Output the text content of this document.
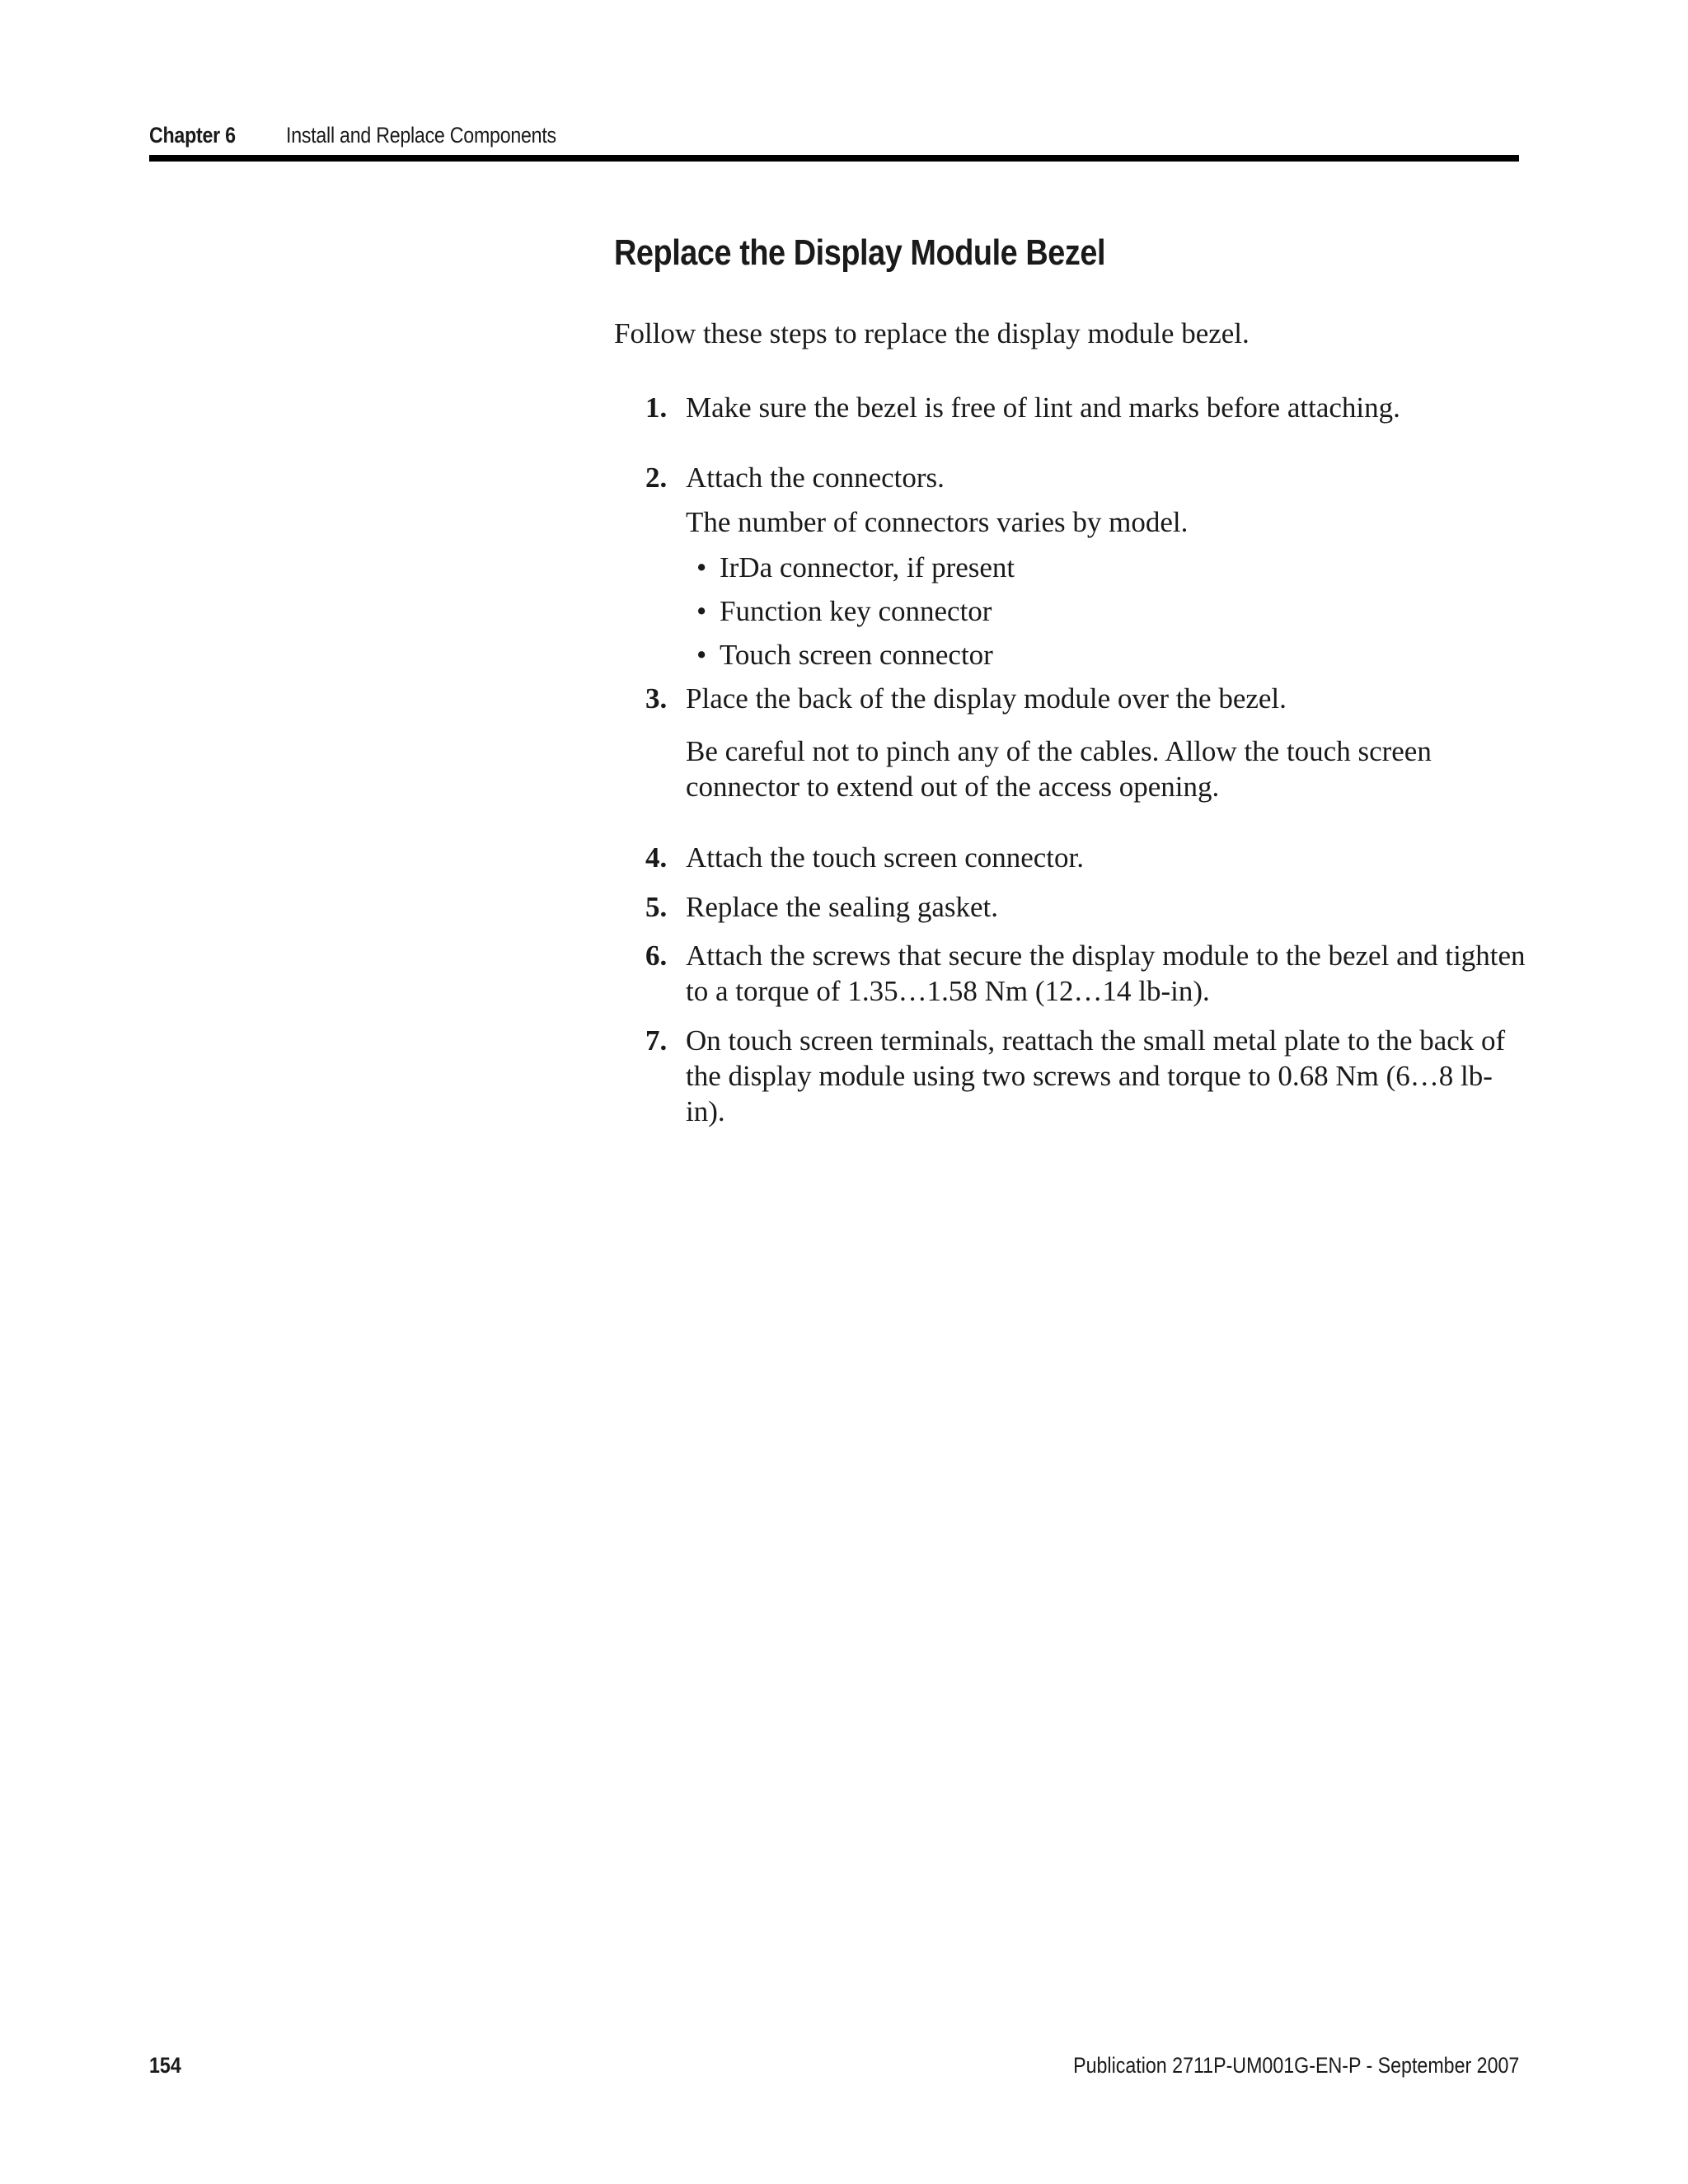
Chapter 6	Install and Replace Components
Replace the Display Module Bezel

Follow these steps to replace the display module bezel.

1. Make sure the bezel is free of lint and marks before attaching.
2. Attach the connectors.
The number of connectors varies by model.
• IrDa connector, if present
• Function key connector
• Touch screen connector
3. Place the back of the display module over the bezel.
Be careful not to pinch any of the cables. Allow the touch screen connector to extend out of the access opening.
4. Attach the touch screen connector.
5. Replace the sealing gasket.
6. Attach the screws that secure the display module to the bezel and tighten to a torque of 1.35…1.58 Nm (12…14 lb-in).
7. On touch screen terminals, reattach the small metal plate to the back of the display module using two screws and torque to 0.68 Nm (6…8 lb-in).
154	Publication 2711P-UM001G-EN-P - September 2007
